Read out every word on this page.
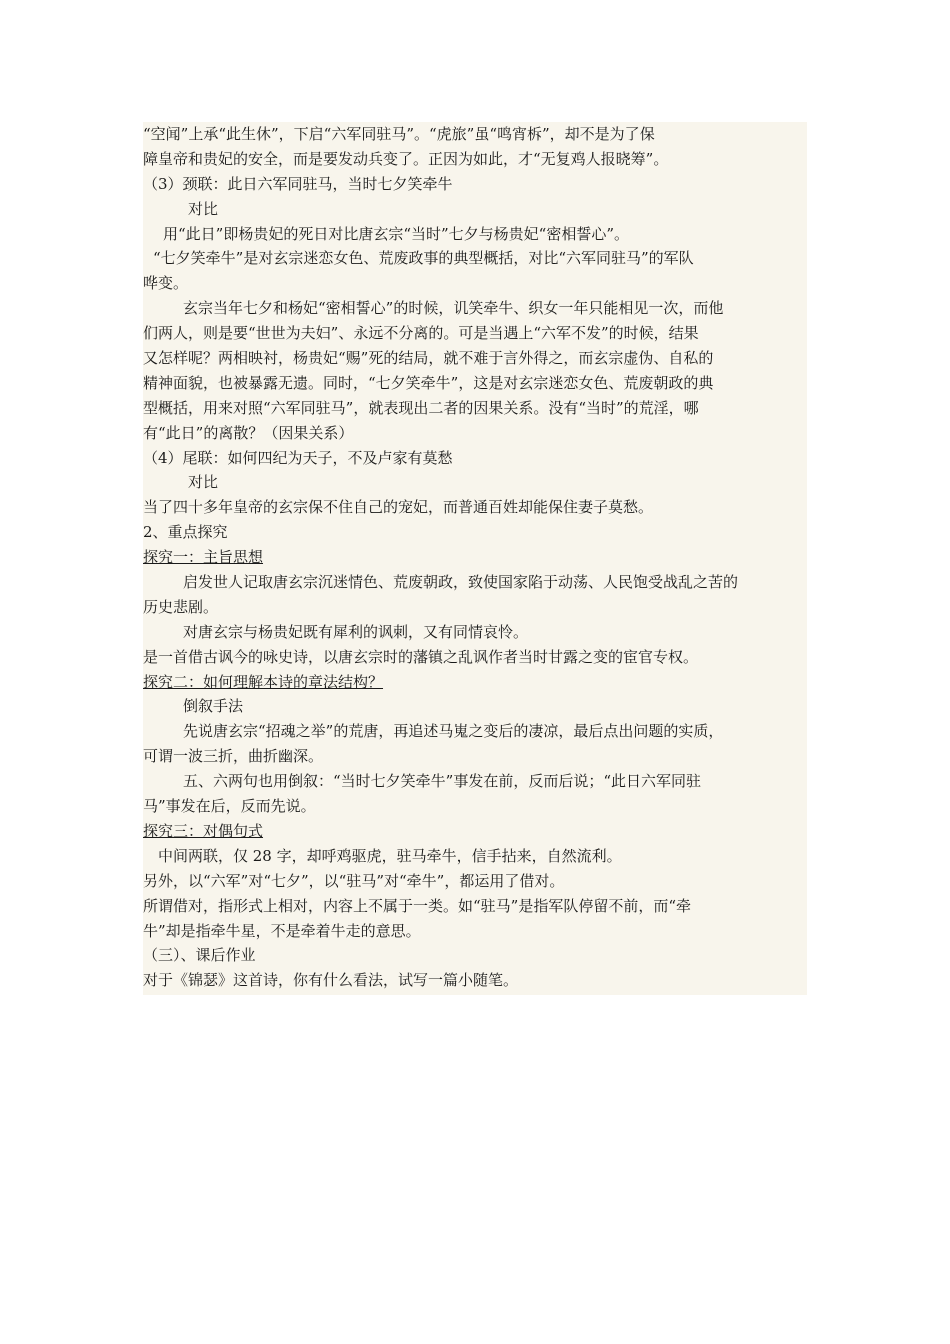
“空闻”上承“此生休”，下启“六军同驻马”。“虎旅”虽“鸣宵柝”，却不是为了保
障皇帝和贵妃的安全，而是要发动兵变了。正因为如此，才“无复鸡人报晓筹”。
（3）颈联：此日六军同驻马，当时七夕笑牵牛
对比
用“此日”即杨贵妃的死日对比唐玄宗“当时”七夕与杨贵妃“密相誓心”。
“七夕笑牵牛”是对玄宗迷恋女色、荒废政事的典型概括，对比“六军同驻马”的军队
哗变。
玄宗当年七夕和杨妃“密相誓心”的时候，讥笑牵牛、织女一年只能相见一次，而他
们两人，则是要“世世为夫妇”、永远不分离的。可是当遇上“六军不发”的时候，结果
又怎样呢？两相映衬，杨贵妃“赐”死的结局，就不难于言外得之，而玄宗虚伪、自私的
精神面貌，也被暴露无遗。同时，“七夕笑牵牛”，这是对玄宗迷恋女色、荒废朝政的典
型概括，用来对照“六军同驻马”，就表现出二者的因果关系。没有“当时”的荒淫，哪
有“此日”的离散？（因果关系）
（4）尾联：如何四纪为天子，不及卢家有莫愁
对比
当了四十多年皇帝的玄宗保不住自己的宠妃，而普通百姓却能保住妻子莫愁。
2、重点探究
探究一：主旨思想
启发世人记取唐玄宗沉迷情色、荒废朝政，致使国家陷于动荡、人民饱受战乱之苦的
历史悲剧。
对唐玄宗与杨贵妃既有犀利的讽刺，又有同情哀怜。
是一首借古讽今的咏史诗，以唐玄宗时的藩镇之乱讽作者当时甘露之变的宦官专权。
探究二：如何理解本诗的章法结构？
倒叙手法
先说唐玄宗“招魂之举”的荒唐，再追述马嵬之变后的凄凉，最后点出问题的实质，
可谓一波三折，曲折幽深。
五、六两句也用倒叙：“当时七夕笑牵牛”事发在前，反而后说；“此日六军同驻
马”事发在后，反而先说。
探究三：对偶句式
中间两联，仅 28 字，却呼鸡驱虎，驻马牵牛，信手拈来，自然流利。
另外，以“六军”对“七夕”，以“驻马”对“牵牛”，都运用了借对。
所谓借对，指形式上相对，内容上不属于一类。如“驻马”是指军队停留不前，而“牵
牛”却是指牵牛星，不是牵着牛走的意思。
（三）、课后作业
对于《锦瑟》这首诗，你有什么看法，试写一篇小随笔。
